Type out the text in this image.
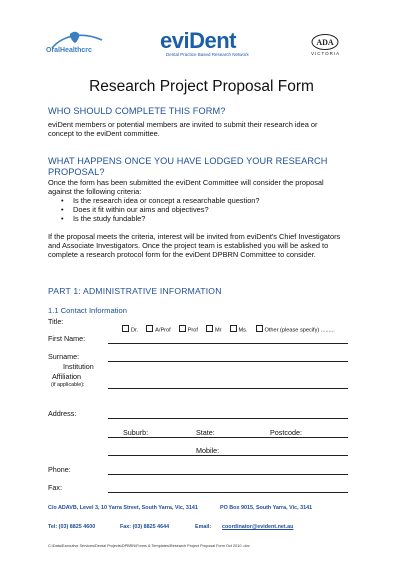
OralHealthcrc	eviDent
Dental Practice Based Research Network
ADA
VICTORIA
Research Project Proposal Form
WHO SHOULD COMPLETE THIS FORM?
eviDent members or potential members are invited to submit their research idea or concept to the eviDent committee.
WHAT HAPPENS ONCE YOU HAVE LODGED YOUR RESEARCH PROPOSAL?
Once the form has been submitted the eviDent Committee will consider the proposal against the following criteria:
• Is the research idea or concept a researchable question?
• Does it fit within our aims and objectives?
• Is the study fundable?
If the proposal meets the criteria, interest will be invited from eviDent's Chief Investigators and Associate Investigators. Once the project team is established you will be asked to complete a research protocol form for the eviDent DPBRN Committee to consider.
PART 1: ADMINISTRATIVE INFORMATION
1.1 Contact Information
Title:
Dr.	A/Prof	Prof	Mr	Ms.	Other (please specify) .........
First Name:
Surname:
Institution
Affiliation
(if applicable):
Address:
Suburb:	State:	Postcode:
Mobile:
Phone:
Fax:
C/o ADAVB, Level 3, 10 Yarra Street, South Yarra, Vic, 3141	PO Box 9015, South Yarra, Vic, 3141
Tel: (03) 8825 4600	Fax: (03) 8825 4644	Email: coordinator@evident.net.au
C:\Data\Executive Services\Dental Projects\DPBRN\Forms & Templates\Research Project Proposal Form Oct 2010 .doc
